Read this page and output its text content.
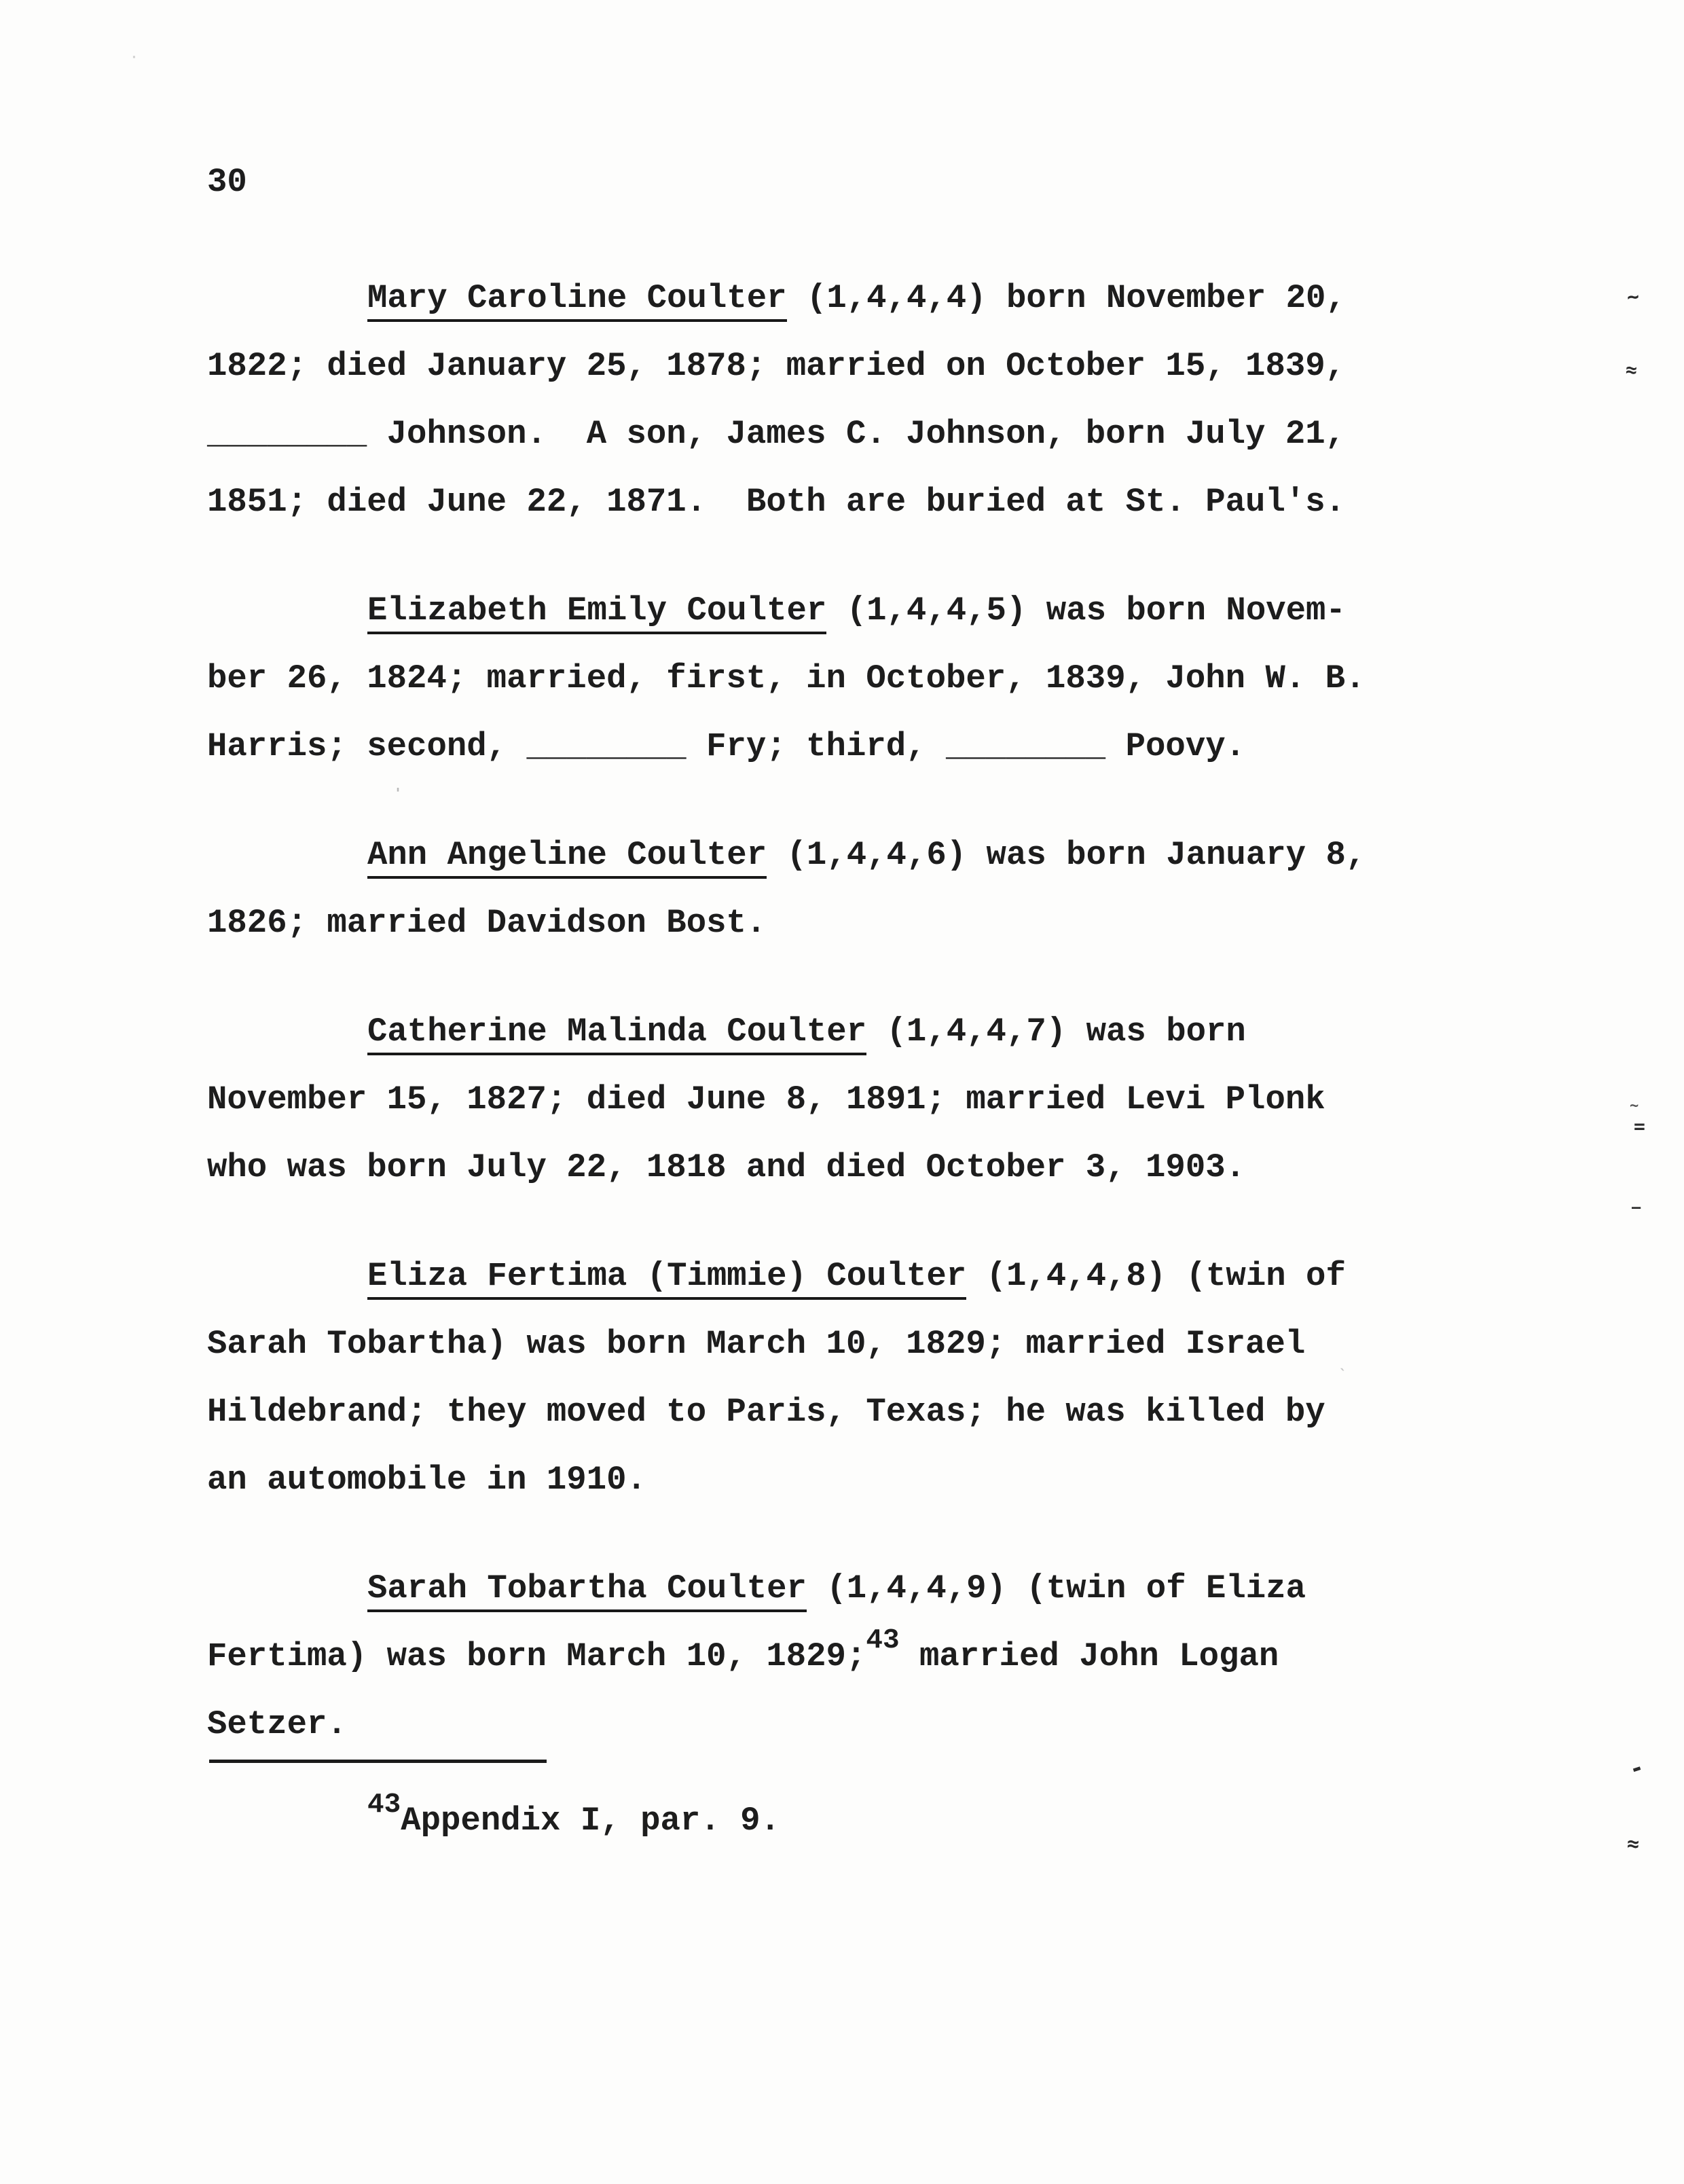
30
Mary Caroline Coulter (1,4,4,4) born November 20,
1822; died January 25, 1878; married on October 15, 1839,
________ Johnson.  A son, James C. Johnson, born July 21,
1851; died June 22, 1871.  Both are buried at St. Paul's.
Elizabeth Emily Coulter (1,4,4,5) was born Novem-
ber 26, 1824; married, first, in October, 1839, John W. B.
Harris; second, ________ Fry; third, ________ Poovy.
Ann Angeline Coulter (1,4,4,6) was born January 8,
1826; married Davidson Bost.
Catherine Malinda Coulter (1,4,4,7) was born
November 15, 1827; died June 8, 1891; married Levi Plonk
who was born July 22, 1818 and died October 3, 1903.
Eliza Fertima (Timmie) Coulter (1,4,4,8) (twin of
Sarah Tobartha) was born March 10, 1829; married Israel
Hildebrand; they moved to Paris, Texas; he was killed by
an automobile in 1910.
Sarah Tobartha Coulter (1,4,4,9) (twin of Eliza
Fertima) was born March 10, 1829;$^{43}$ married John Logan
Setzer.
$^{43}$Appendix I, par. 9.
~
≈
~
=
—
-
≈
'
`
·
